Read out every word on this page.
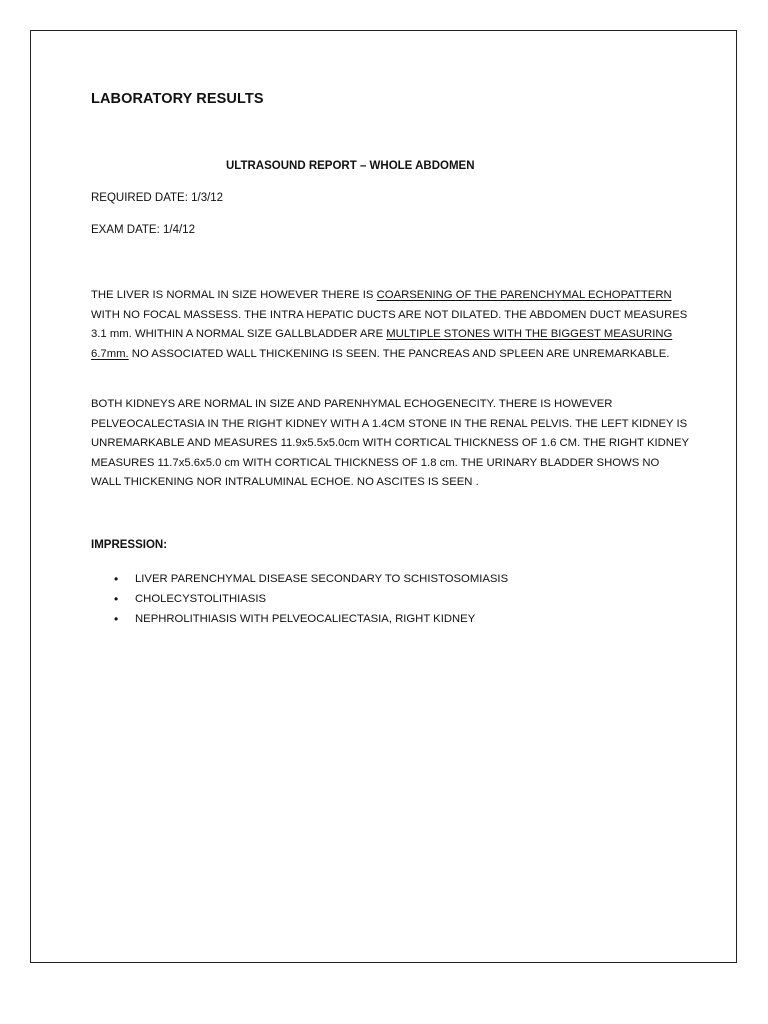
LABORATORY RESULTS

ULTRASOUND REPORT – WHOLE ABDOMEN

REQUIRED DATE: 1/3/12

EXAM DATE: 1/4/12

THE LIVER IS NORMAL IN SIZE HOWEVER THERE IS COARSENING OF THE PARENCHYMAL ECHOPATTERN WITH NO FOCAL MASSESS. THE INTRA HEPATIC DUCTS ARE NOT DILATED. THE ABDOMEN DUCT MEASURES 3.1 mm. WHITHIN A NORMAL SIZE GALLBLADDER ARE MULTIPLE STONES WITH THE BIGGEST MEASURING 6.7mm. NO ASSOCIATED WALL THICKENING IS SEEN. THE PANCREAS AND SPLEEN ARE UNREMARKABLE.

BOTH KIDNEYS ARE NORMAL IN SIZE AND PARENHYMAL ECHOGENECITY. THERE IS HOWEVER PELVEOCALECTASIA IN THE RIGHT KIDNEY WITH A 1.4CM STONE IN THE RENAL PELVIS. THE LEFT KIDNEY IS UNREMARKABLE AND MEASURES 11.9x5.5x5.0cm WITH CORTICAL THICKNESS OF 1.6 CM. THE RIGHT KIDNEY MEASURES 11.7x5.6x5.0 cm WITH CORTICAL THICKNESS OF 1.8 cm. THE URINARY BLADDER SHOWS NO WALL THICKENING NOR INTRALUMINAL ECHOE. NO ASCITES IS SEEN .

IMPRESSION:

• LIVER PARENCHYMAL DISEASE SECONDARY TO SCHISTOSOMIASIS
• CHOLECYSTOLITHIASIS
• NEPHROLITHIASIS WITH PELVEOCALIECTASIA, RIGHT KIDNEY
